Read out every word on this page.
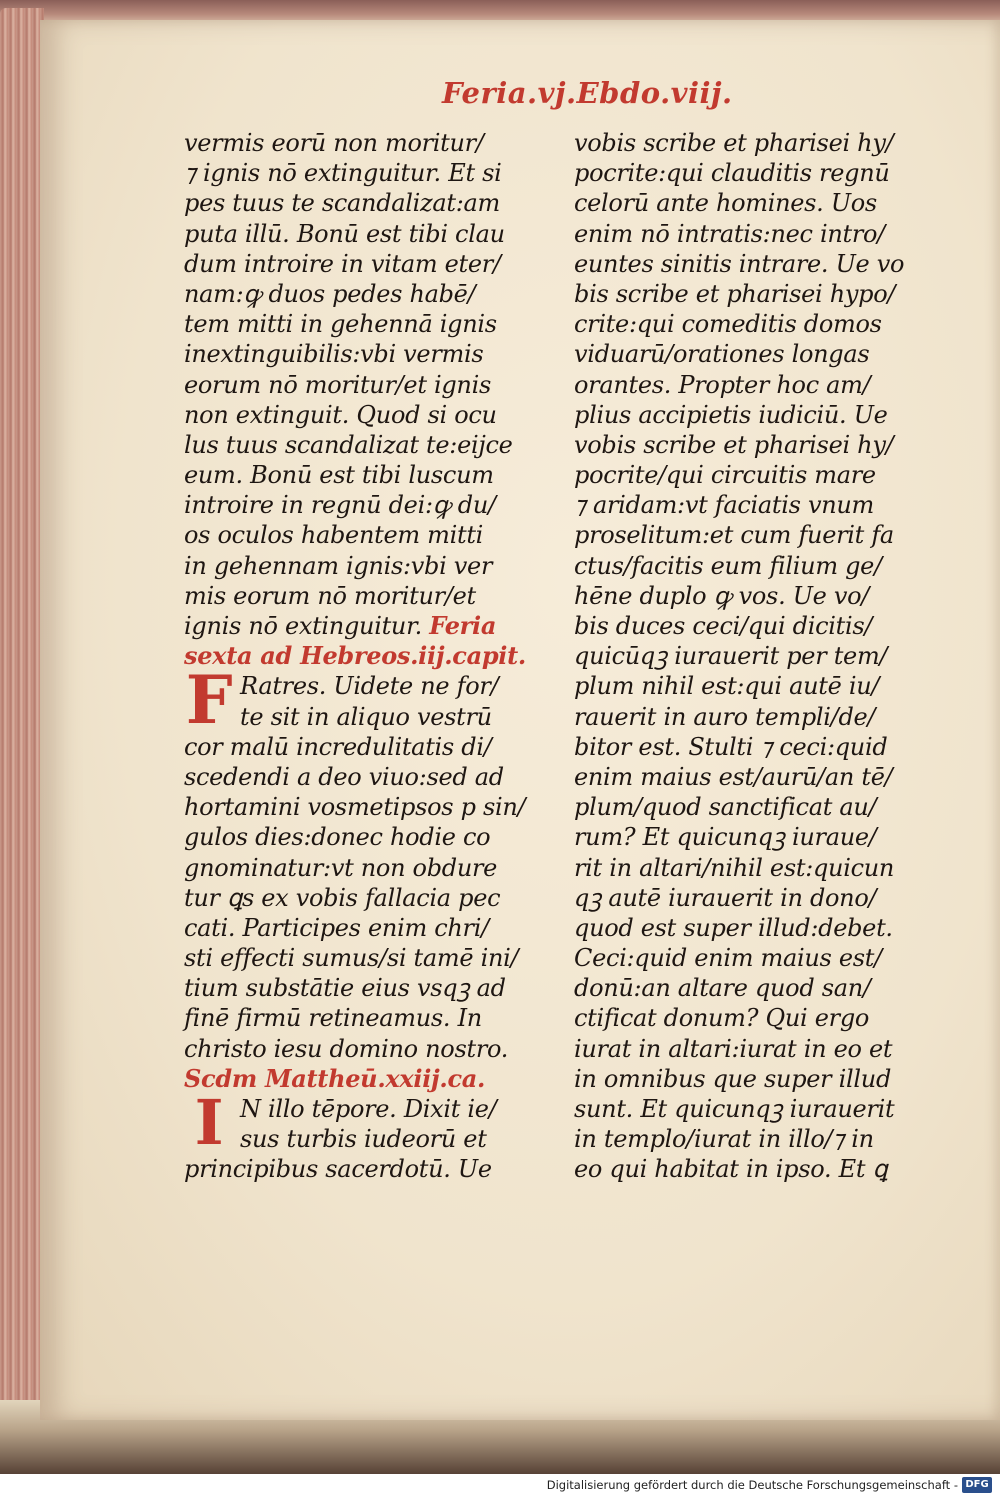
Feria.vj.Ebdo.viij.
vermis eorū non moritur/
⁊ ignis nō extinguitur. Et si
pes tuus te scandalizat:am
puta illū. Bonū est tibi clau
dum introire in vitam eter/
nam:ꝙ duos pedes habē/
tem mitti in gehennā ignis
inextinguibilis:vbi vermis
eorum nō moritur/et ignis
non extinguit. Quod si ocu
lus tuus scandalizat te:eijce
eum. Bonū est tibi luscum
introire in regnū dei:ꝙ du/
os oculos habentem mitti
in gehennam ignis:vbi ver
mis eorum nō moritur/et
ignis nō extinguitur. Feria
sexta ad Hebreos.iij.capit.
F Ratres. Uidete ne for/
te sit in aliquo vestrū
cor malū incredulitatis di/
scedendi a deo viuo:sed ad
hortamini vosmetipsos p sin/
gulos dies:donec hodie co
gnominatur:vt non obdure
tur ꝗs ex vobis fallacia pec
cati. Participes enim chri/
sti effecti sumus/si tamē ini/
tium substātie eius vsqꝫ ad
finē firmū retineamus. In
christo iesu domino nostro.
Scdm Mattheū.xxiij.ca.
I N illo tēpore. Dixit ie/
sus turbis iudeorū et
principibus sacerdotū. Ue
vobis scribe et pharisei hy/
pocrite:qui clauditis regnū
celorū ante homines. Uos
enim nō intratis:nec intro/
euntes sinitis intrare. Ue vo
bis scribe et pharisei hypo/
crite:qui comeditis domos
viduarū/orationes longas
orantes. Propter hoc am/
plius accipietis iudiciū. Ue
vobis scribe et pharisei hy/
pocrite/qui circuitis mare
⁊ aridam:vt faciatis vnum
proselitum:et cum fuerit fa
ctus/facitis eum filium ge/
hēne duplo ꝙ vos. Ue vo/
bis duces ceci/qui dicitis/
quicūqꝫ iurauerit per tem/
plum nihil est:qui autē iu/
rauerit in auro templi/de/
bitor est. Stulti ⁊ ceci:quid
enim maius est/aurū/an tē/
plum/quod sanctificat au/
rum? Et quicunqꝫ iuraue/
rit in altari/nihil est:quicun
qꝫ autē iurauerit in dono/
quod est super illud:debet.
Ceci:quid enim maius est/
donū:an altare quod san/
ctificat donum? Qui ergo
iurat in altari:iurat in eo et
in omnibus que super illud
sunt. Et quicunqꝫ iurauerit
in templo/iurat in illo/⁊ in
eo qui habitat in ipso. Et ꝗ
Digitalisierung gefördert durch die Deutsche Forschungsgemeinschaft - DFG
